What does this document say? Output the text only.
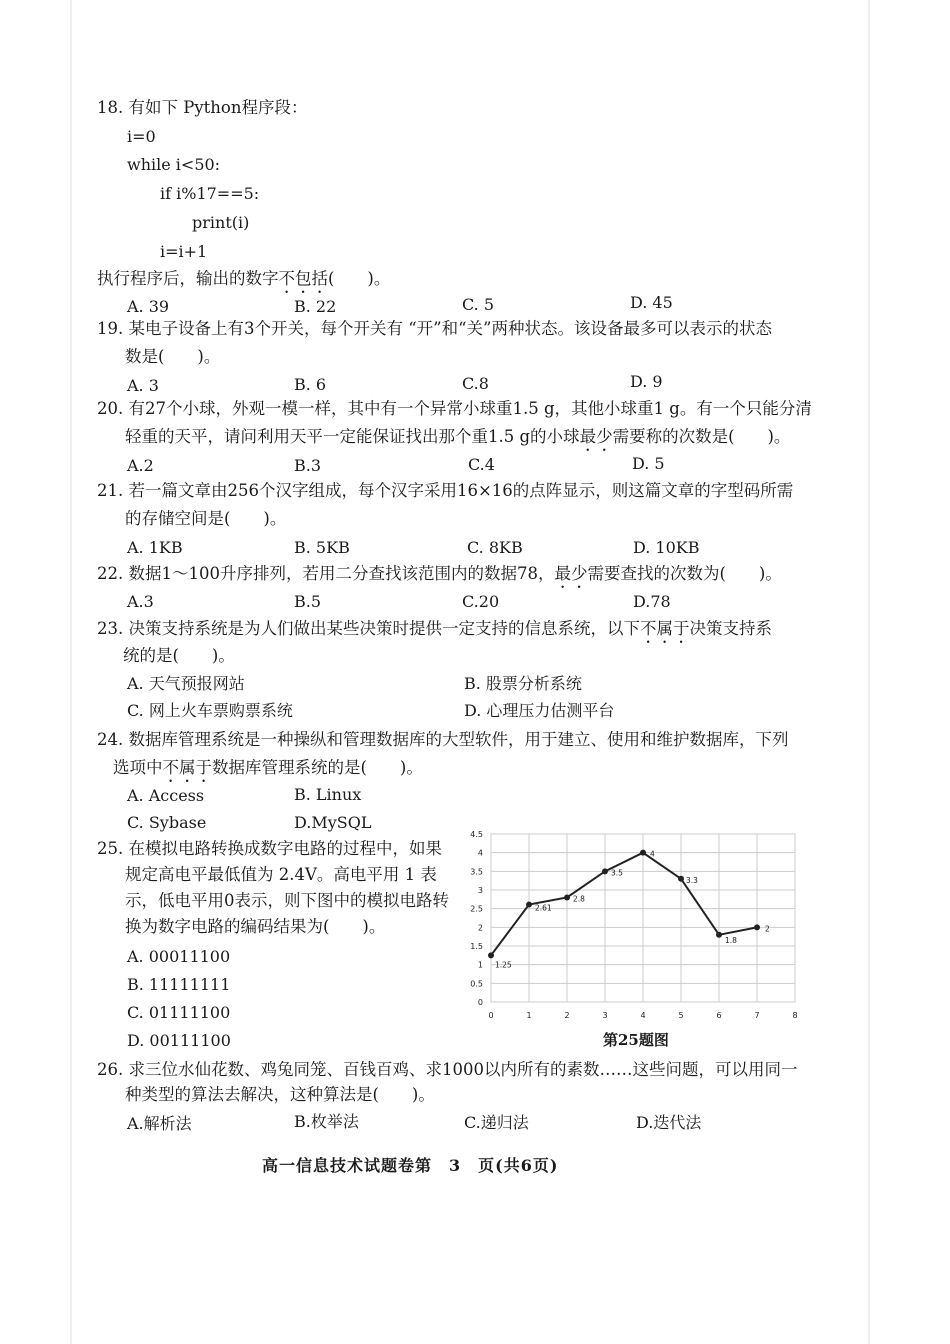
18. 有如下 Python程序段：
i=0
while i<50:
if i%17==5:
print(i)
i=i+1
执行程序后，输出的数字不包括(　　)。
A. 39	B. 22	C. 5	D. 45
19. 某电子设备上有3个开关，每个开关有 “开”和“关”两种状态。该设备最多可以表示的状态
数是(　　)。
A. 3	B. 6	C.8	D. 9
20. 有27个小球，外观一模一样，其中有一个异常小球重1.5 g，其他小球重1 g。有一个只能分清
轻重的天平，请问利用天平一定能保证找出那个重1.5 g的小球最少需要称的次数是(　　)。
A.2	B.3	C.4	D. 5
21. 若一篇文章由256个汉字组成，每个汉字采用16×16的点阵显示，则这篇文章的字型码所需
的存储空间是(　　)。
A. 1KB	B. 5KB	C. 8KB	D. 10KB
22. 数据1～100升序排列，若用二分查找该范围内的数据78，最少需要查找的次数为(　　)。
A.3	B.5	C.20	D.78
23. 决策支持系统是为人们做出某些决策时提供一定支持的信息系统，以下不属于决策支持系
统的是(　　)。
A. 天气预报网站	B. 股票分析系统
C. 网上火车票购票系统	D. 心理压力估测平台
24. 数据库管理系统是一种操纵和管理数据库的大型软件，用于建立、使用和维护数据库，下列
选项中不属于数据库管理系统的是(　　)。
A. Access	B. Linux
C. Sybase	D.MySQL
25. 在模拟电路转换成数字电路的过程中，如果
规定高电平最低值为 2.4V。高电平用 1 表
示，低电平用0表示，则下图中的模拟电路转
换为数字电路的编码结果为(　　)。
A. 00011100
B. 11111111
C. 01111100
D. 00111100
0
0.5
1
1.5
2
2.5
3
3.5
4
4.5
0	1	2	3	4	5	6	7	8
1.25
2.61
2.8
3.5
4
3.3
1.8
2
第25题图
26. 求三位水仙花数、鸡兔同笼、百钱百鸡、求1000以内所有的素数……这些问题，可以用同一
种类型的算法去解决，这种算法是(　　)。
A.解析法	B.枚举法	C.递归法	D.迭代法
高一信息技术试题卷第　3　页(共6页)
